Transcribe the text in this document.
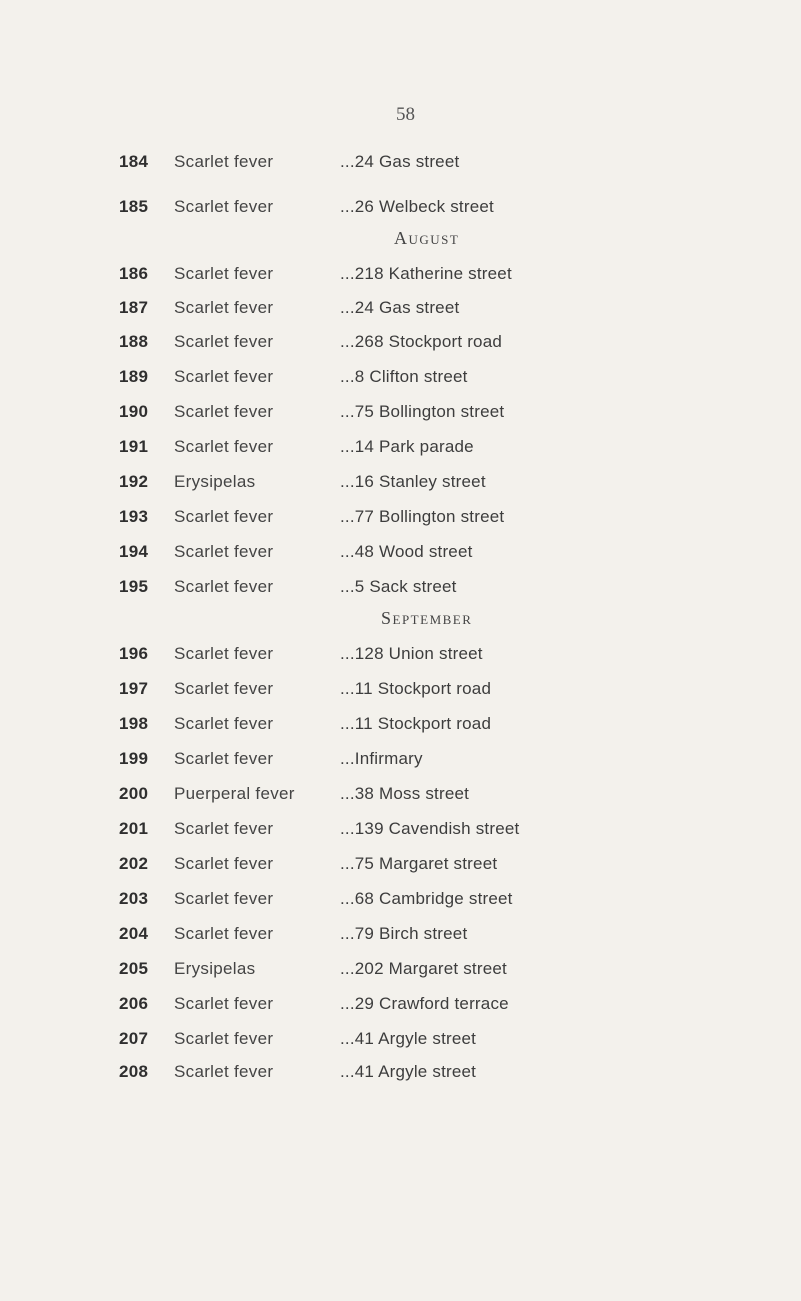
58
184 Scarlet fever	...24 Gas street
185 Scarlet fever	...26 Welbeck street
August
186 Scarlet fever	...218 Katherine street
187 Scarlet fever	...24 Gas street
188 Scarlet fever	...268 Stockport road
189 Scarlet fever	...8 Clifton street
190 Scarlet fever	...75 Bollington street
191 Scarlet fever	...14 Park parade
192 Erysipelas	...16 Stanley street
193 Scarlet fever	...77 Bollington street
194 Scarlet fever	...48 Wood street
195 Scarlet fever	...5 Sack street
September
196 Scarlet fever	...128 Union street
197 Scarlet fever	...11 Stockport road
198 Scarlet fever	...11 Stockport road
199 Scarlet fever	...Infirmary
200 Puerperal fever	...38 Moss street
201 Scarlet fever	...139 Cavendish street
202 Scarlet fever	...75 Margaret street
203 Scarlet fever	...68 Cambridge street
204 Scarlet fever	...79 Birch street
205 Erysipelas	...202 Margaret street
206 Scarlet fever	...29 Crawford terrace
207 Scarlet fever	...41 Argyle street
208 Scarlet fever	...41 Argyle street
